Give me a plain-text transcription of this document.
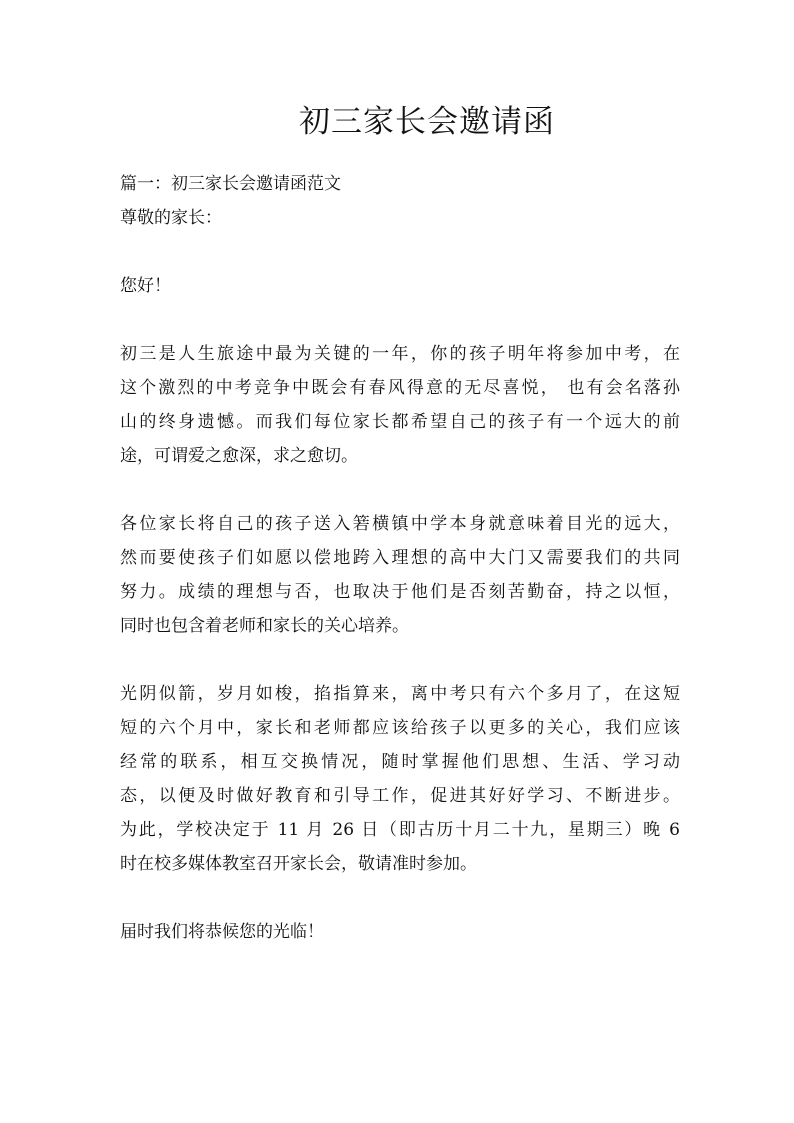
初三家长会邀请函
篇一：初三家长会邀请函范文
尊敬的家长：
您好！
初三是人生旅途中最为关键的一年，你的孩子明年将参加中考，在
这个激烈的中考竞争中既会有春风得意的无尽喜悦， 也有会名落孙
山的终身遗憾。而我们每位家长都希望自己的孩子有一个远大的前
途，可谓爱之愈深，求之愈切。
各位家长将自己的孩子送入箬横镇中学本身就意味着目光的远大，
然而要使孩子们如愿以偿地跨入理想的高中大门又需要我们的共同
努力。成绩的理想与否，也取决于他们是否刻苦勤奋，持之以恒，
同时也包含着老师和家长的关心培养。
光阴似箭，岁月如梭，掐指算来，离中考只有六个多月了，在这短
短的六个月中，家长和老师都应该给孩子以更多的关心，我们应该
经常的联系，相互交换情况，随时掌握他们思想、生活、学习动
态，以便及时做好教育和引导工作，促进其好好学习、不断进步。
为此，学校决定于 11 月 26 日（即古历十月二十九，星期三）晚 6
时在校多媒体教室召开家长会，敬请准时参加。
届时我们将恭候您的光临！
